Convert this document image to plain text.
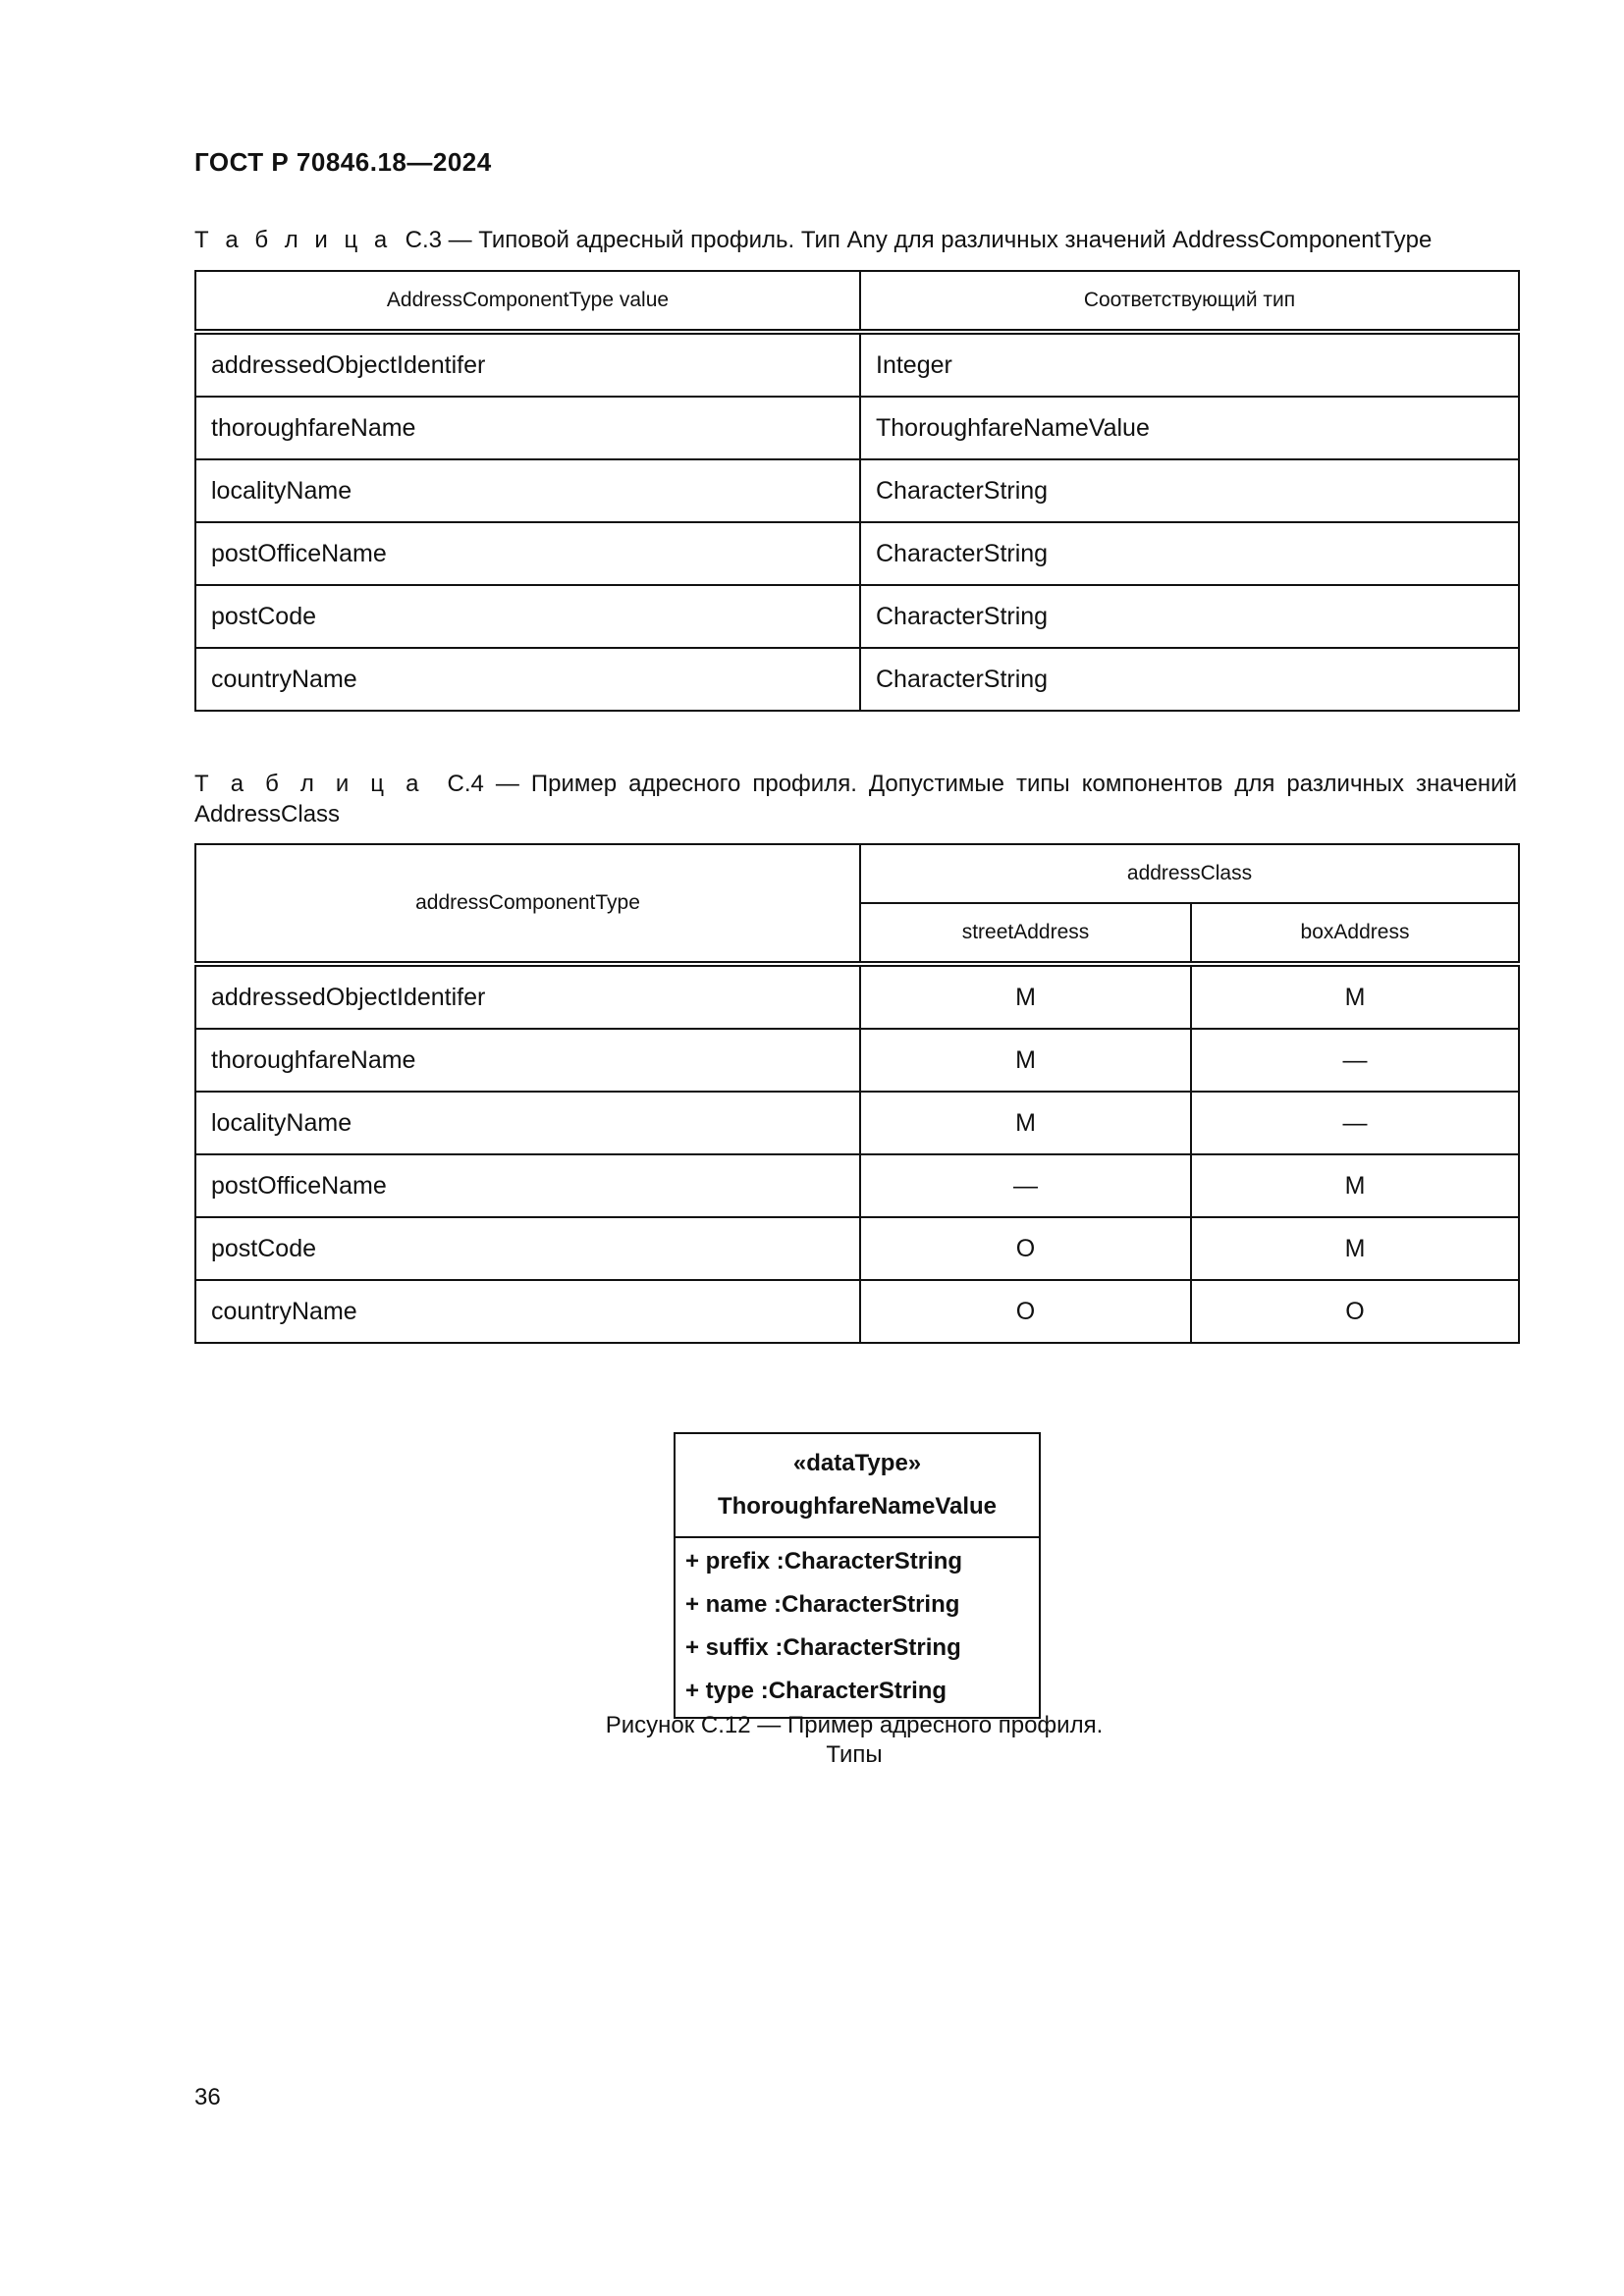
ГОСТ Р 70846.18—2024
Т а б л и ц а С.3 — Типовой адресный профиль. Тип Any для различных значений AddressComponentType
AddressComponentType value	Соответствующий тип
addressedObjectIdentifer	Integer
thoroughfareName	ThoroughfareNameValue
localityName	CharacterString
postOfficeName	CharacterString
postCode	CharacterString
countryName	CharacterString
Т а б л и ц а С.4 — Пример адресного профиля. Допустимые типы компонентов для различных значений AddressClass
addressComponentType	addressClass	
	streetAddress	boxAddress
addressedObjectIdentifer	M	M
thoroughfareName	M	—
localityName	M	—
postOfficeName	—	M
postCode	O	M
countryName	O	O
«dataType»
ThoroughfareNameValue
+ prefix :CharacterString
+ name :CharacterString
+ suffix :CharacterString
+ type :CharacterString
Рисунок С.12 — Пример адресного профиля.
Типы
36
